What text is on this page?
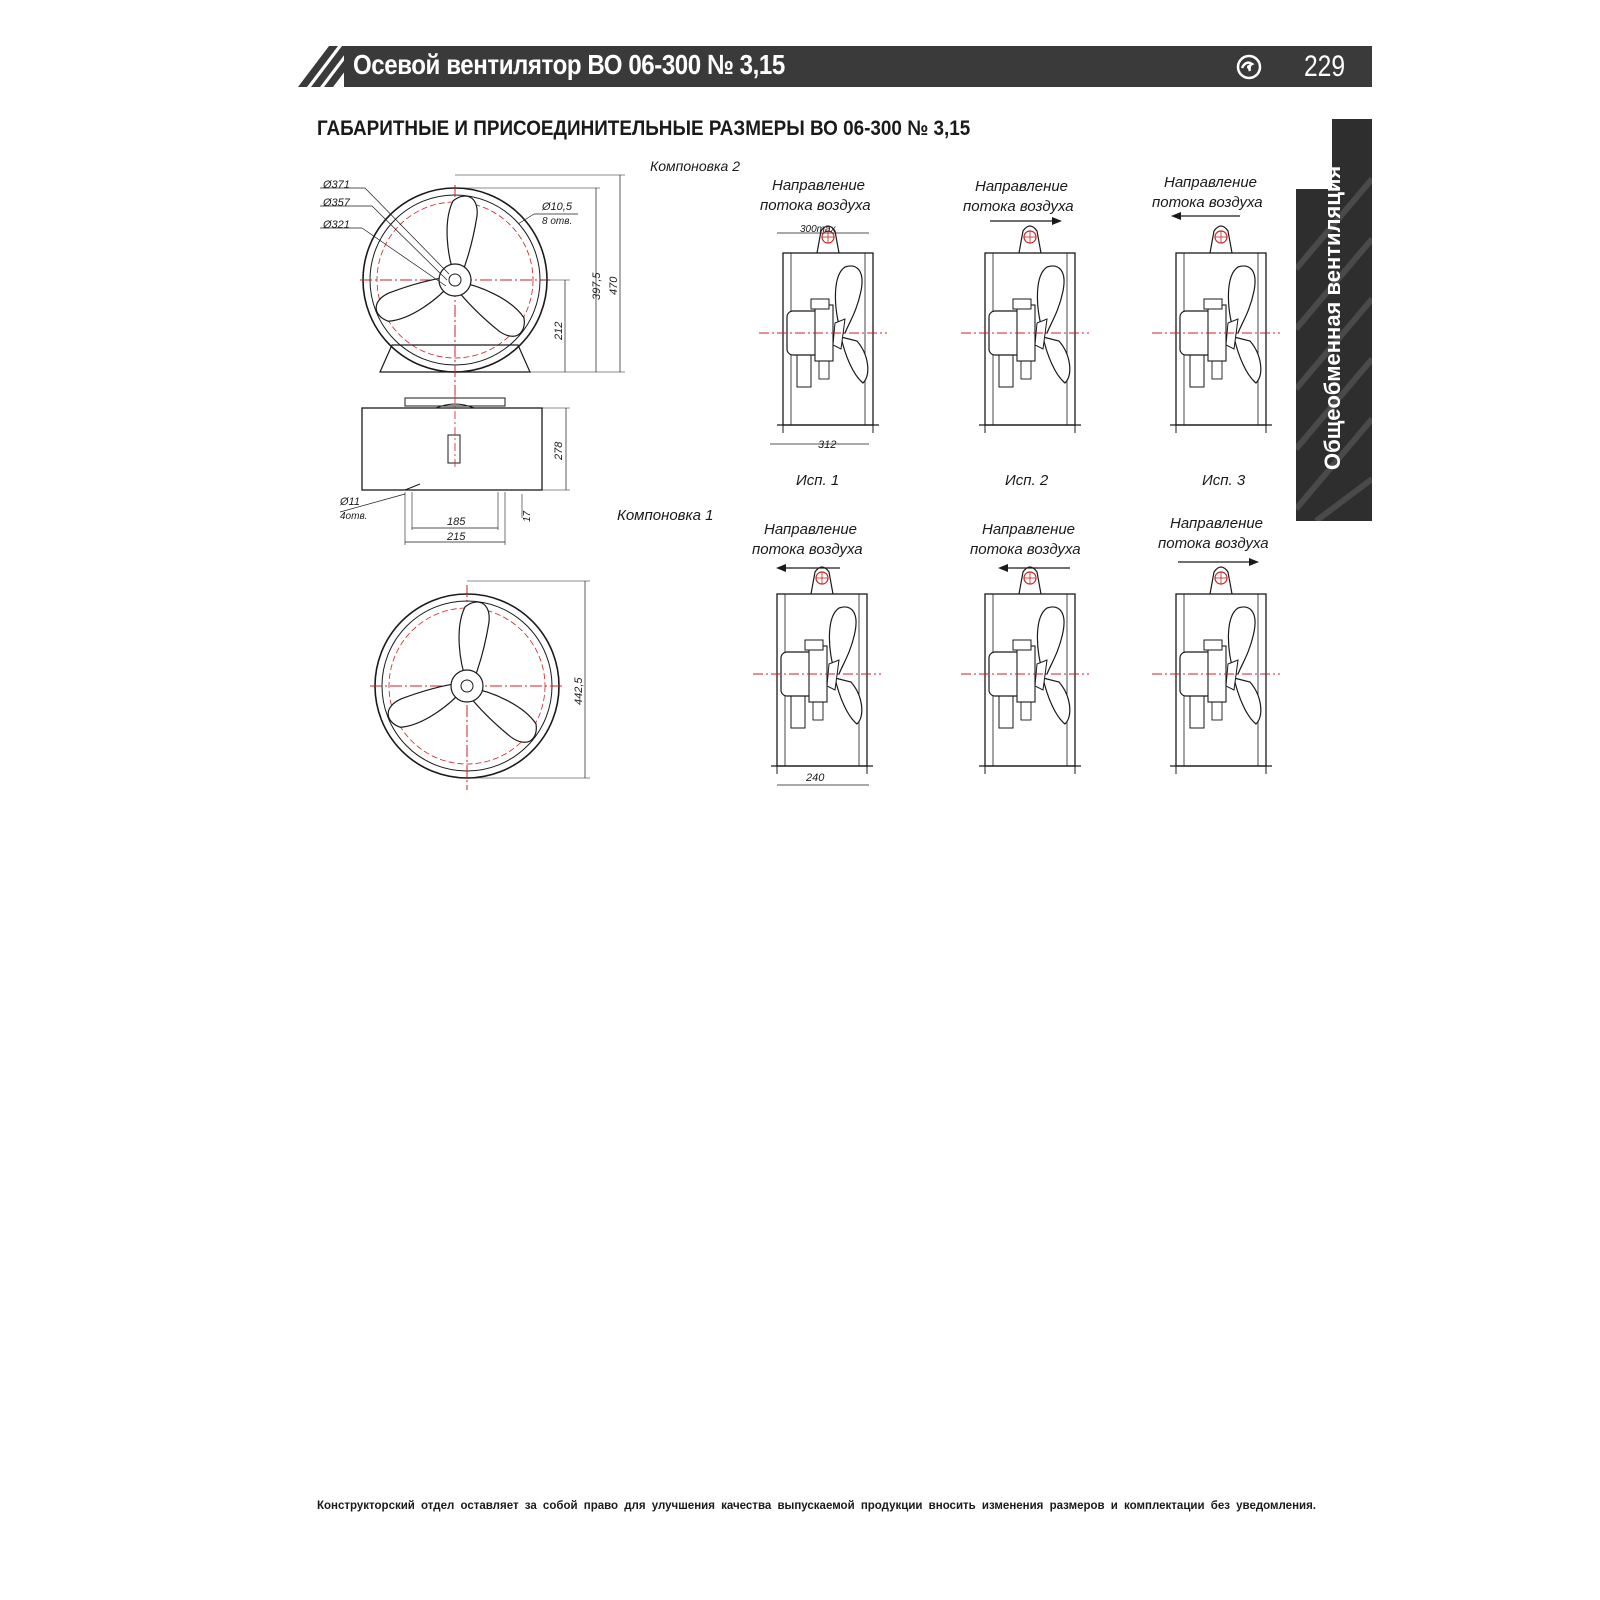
Осевой вентилятор ВО 06-300 № 3,15	229
ГАБАРИТНЫЕ И ПРИСОЕДИНИТЕЛЬНЫЕ РАЗМЕРЫ ВО 06-300 № 3,15
Общеобменная вентиляция
Ø371
Ø357
Ø321
Ø10,5
8 отв.
397,5 470
212
Компоновка 2
278
Ø11
4отв.	185
215
17	Компоновка 1
442,5
300max
312
Направление
потока воздуха
Направление
потока воздуха
Направление
потока воздуха
Исп. 1	Исп. 2	Исп. 3
240
Направление
потока воздуха
Направление
потока воздуха
Направление
потока воздуха
Конструкторский отдел оставляет за собой право для улучшения качества выпускаемой продукции вносить изменения размеров и комплектации без уведомления.
